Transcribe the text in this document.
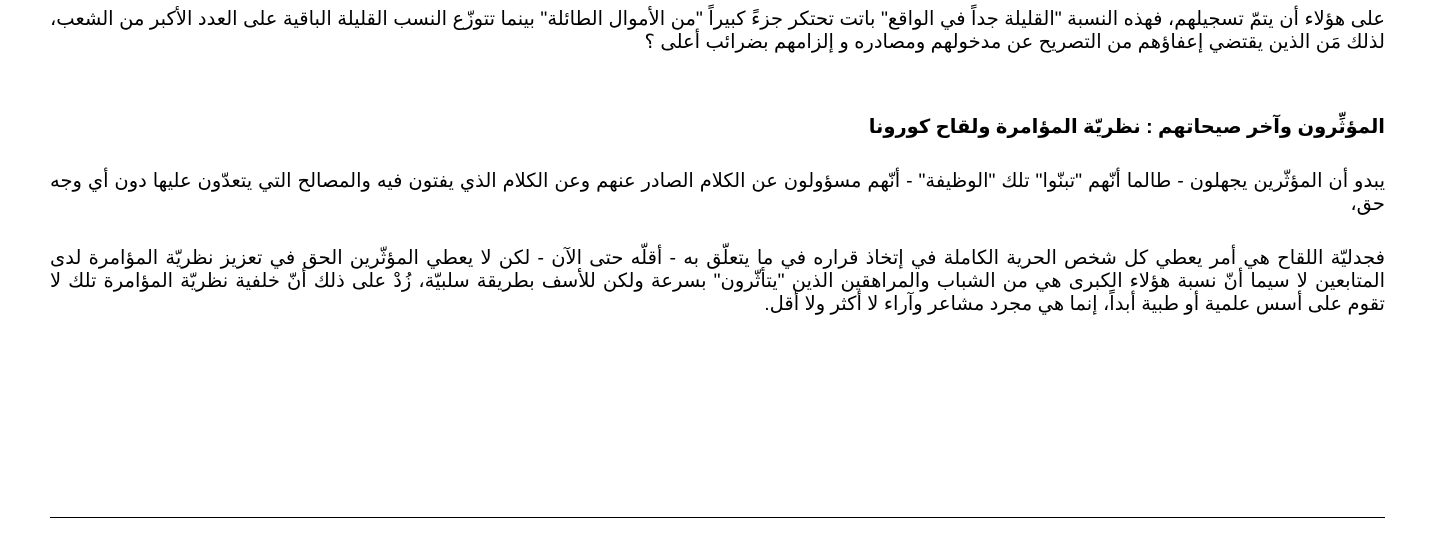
على هؤلاء أن يتمّ تسجيلهم، فهذه النسبة "القليلة جداً في الواقع" باتت تحتكر جزءً كبيراً "من الأموال الطائلة" بينما تتوزّع النسب القليلة الباقية على العدد الأكبر من الشعب، لذلك مَن الذين يقتضي إعفاؤهم من التصريح عن مدخولهم ومصادره و إلزامهم بضرائب أعلى ؟

المؤثِّرون وآخر صيحاتهم : نظريّة المؤامرة ولقاح كورونا

يبدو أن المؤثّرين يجهلون - طالما أنّهم "تبنّوا" تلك "الوظيفة" - أنّهم مسؤولون عن الكلام الصادر عنهم وعن الكلام الذي يفتون فيه والمصالح التي يتعدّون عليها دون أي وجه حق،

فجدليّة اللقاح هي أمر يعطي كل شخص الحرية الكاملة في إتخاذ قراره في ما يتعلّق به - أقلّه حتى الآن - لكن لا يعطي المؤثّرين الحق في تعزيز نظريّة المؤامرة لدى المتابعين لا سيما أنّ نسبة هؤلاء الكبرى هي من الشباب والمراهقين الذين "يتأثّرون" بسرعة ولكن للأسف بطريقة سلبيّة، زُدْ على ذلك أنّ خلفية نظريّة المؤامرة تلك لا تقوم على أسس علمية أو طبية أبداً، إنما هي مجرد مشاعر وآراء لا أكثر ولا أقل.
